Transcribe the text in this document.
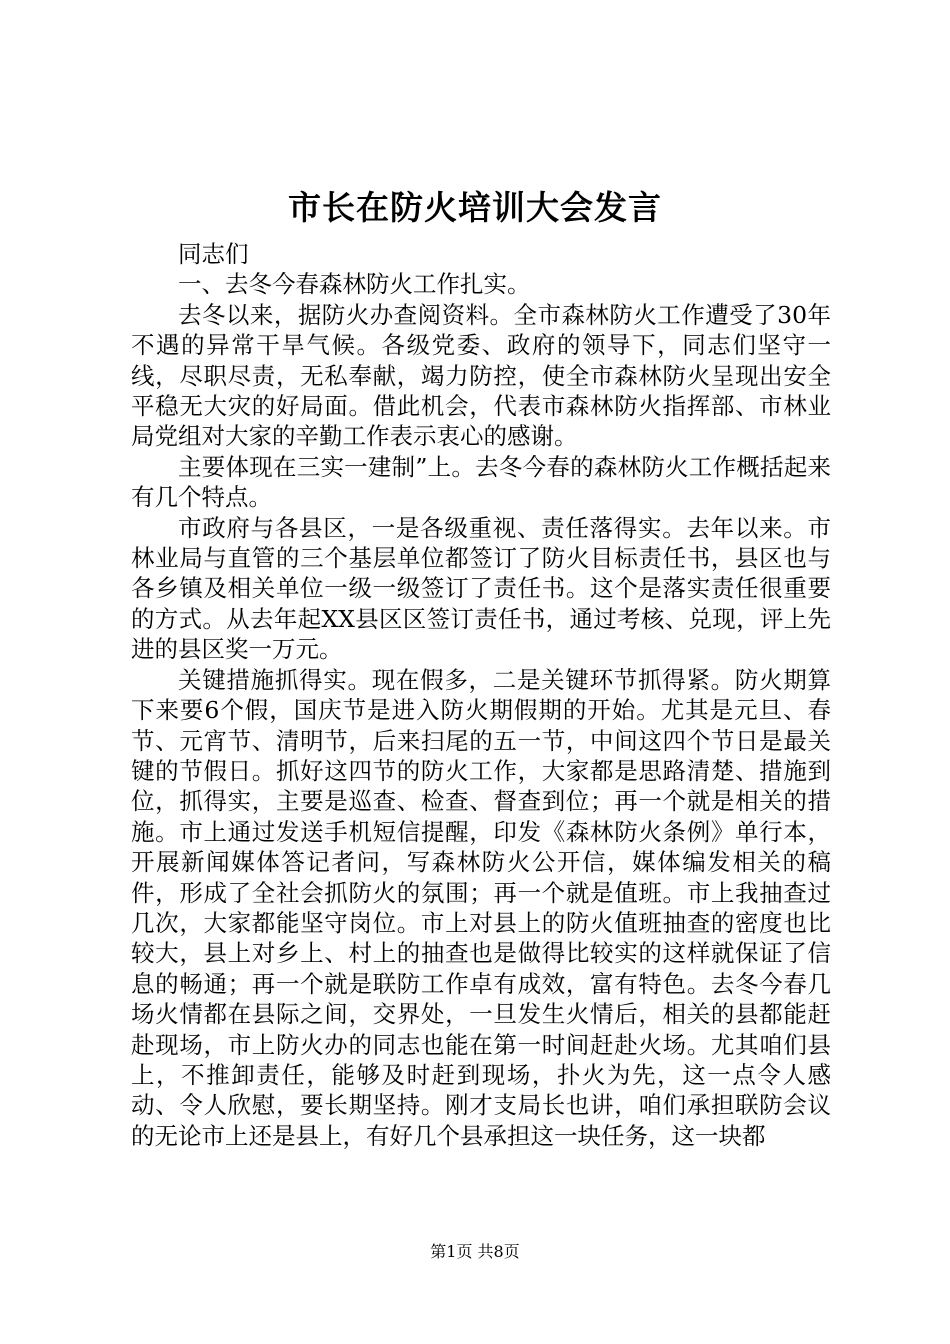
市长在防火培训大会发言

同志们

一、去冬今春森林防火工作扎实。

去冬以来，据防火办查阅资料。全市森林防火工作遭受了30年不遇的异常干旱气候。各级党委、政府的领导下，同志们坚守一线，尽职尽责，无私奉献，竭力防控，使全市森林防火呈现出安全平稳无大灾的好局面。借此机会，代表市森林防火指挥部、市林业局党组对大家的辛勤工作表示衷心的感谢。

主要体现在三实一建制”上。去冬今春的森林防火工作概括起来有几个特点。

市政府与各县区，一是各级重视、责任落得实。去年以来。市林业局与直管的三个基层单位都签订了防火目标责任书，县区也与各乡镇及相关单位一级一级签订了责任书。这个是落实责任很重要的方式。从去年起XX县区区签订责任书，通过考核、兑现，评上先进的县区奖一万元。

关键措施抓得实。现在假多，二是关键环节抓得紧。防火期算下来要6个假，国庆节是进入防火期假期的开始。尤其是元旦、春节、元宵节、清明节，后来扫尾的五一节，中间这四个节日是最关键的节假日。抓好这四节的防火工作，大家都是思路清楚、措施到位，抓得实，主要是巡查、检查、督查到位；再一个就是相关的措施。市上通过发送手机短信提醒，印发《森林防火条例》单行本，开展新闻媒体答记者问，写森林防火公开信，媒体编发相关的稿件，形成了全社会抓防火的氛围；再一个就是值班。市上我抽查过几次，大家都能坚守岗位。市上对县上的防火值班抽查的密度也比较大，县上对乡上、村上的抽查也是做得比较实的这样就保证了信息的畅通；再一个就是联防工作卓有成效，富有特色。去冬今春几场火情都在县际之间，交界处，一旦发生火情后，相关的县都能赶赴现场，市上防火办的同志也能在第一时间赶赴火场。尤其咱们县上，不推卸责任，能够及时赶到现场，扑火为先，这一点令人感动、令人欣慰，要长期坚持。刚才支局长也讲，咱们承担联防会议的无论市上还是县上，有好几个县承担这一块任务，这一块都

第1页 共8页
